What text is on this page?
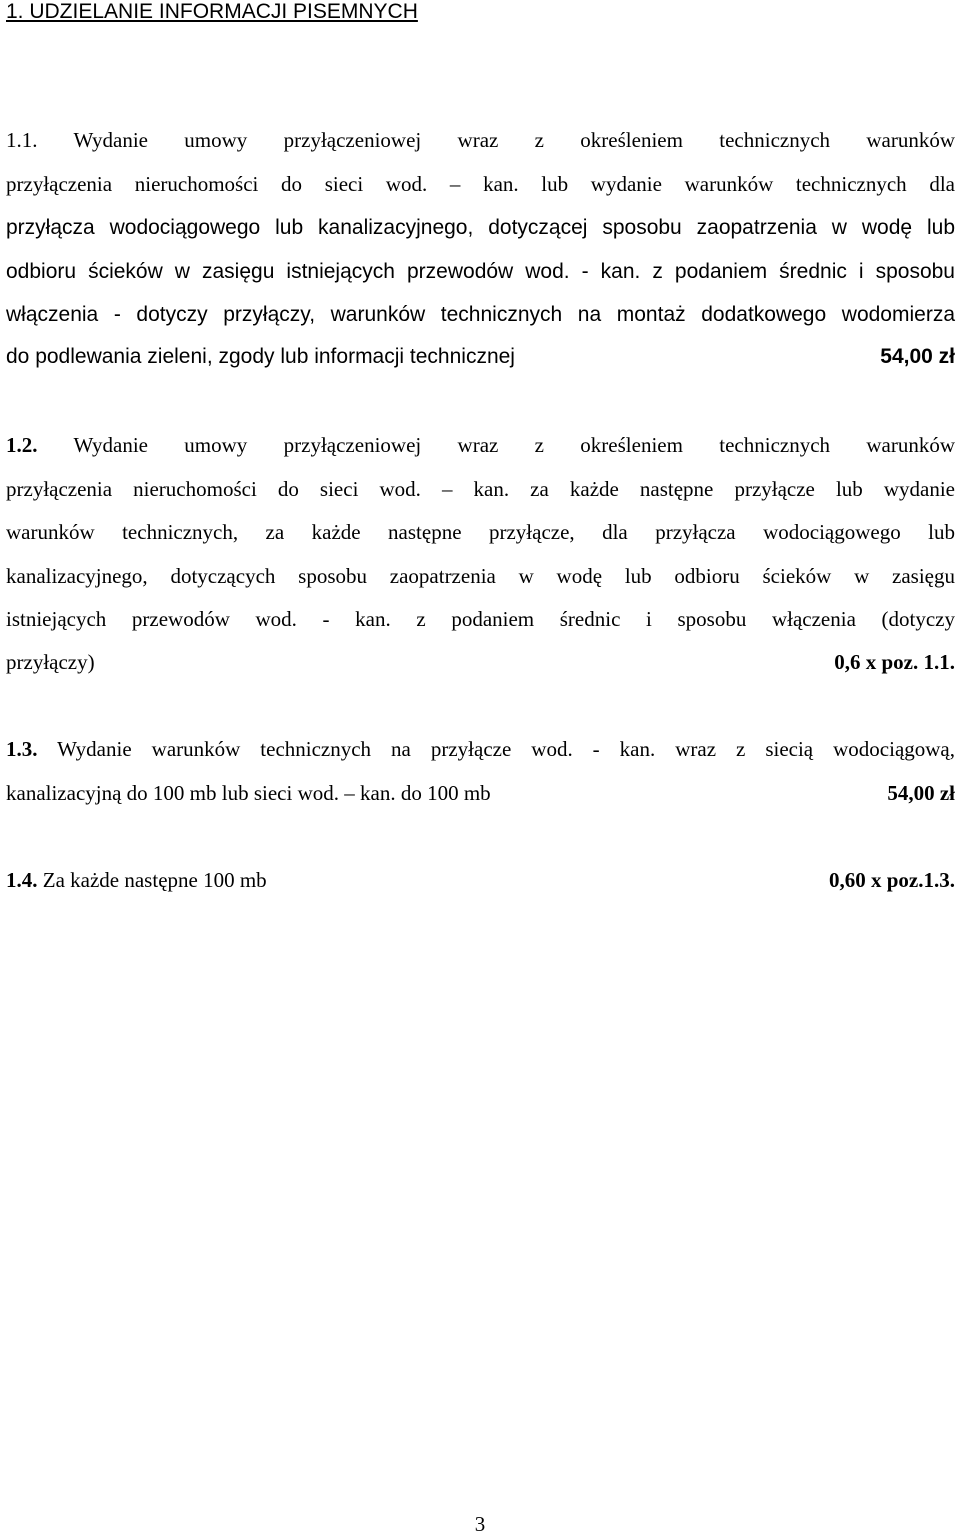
1. UDZIELANIE INFORMACJI PISEMNYCH
1.1. Wydanie umowy przyłączeniowej wraz z określeniem technicznych warunków
przyłączenia nieruchomości do sieci wod. – kan. lub wydanie warunków technicznych dla
przyłącza wodociągowego lub kanalizacyjnego, dotyczącej sposobu zaopatrzenia w wodę lub
odbioru ścieków w zasięgu istniejących przewodów wod. - kan. z podaniem średnic i sposobu
włączenia - dotyczy przyłączy, warunków technicznych na montaż dodatkowego wodomierza
do podlewania zieleni, zgody lub informacji technicznej	54,00 zł
1.2. Wydanie umowy przyłączeniowej wraz z określeniem technicznych warunków
przyłączenia nieruchomości do sieci wod. – kan. za każde następne przyłącze lub wydanie
warunków technicznych, za każde następne przyłącze, dla przyłącza wodociągowego lub
kanalizacyjnego, dotyczących sposobu zaopatrzenia w wodę lub odbioru ścieków w zasięgu
istniejących przewodów wod. - kan. z podaniem średnic i sposobu włączenia (dotyczy
przyłączy)	0,6 x poz. 1.1.
1.3. Wydanie warunków technicznych na przyłącze wod. - kan. wraz z siecią wodociągową,
kanalizacyjną do 100 mb lub sieci wod. – kan. do 100 mb	54,00 zł
1.4. Za każde następne 100 mb	0,60 x poz.1.3.
3
